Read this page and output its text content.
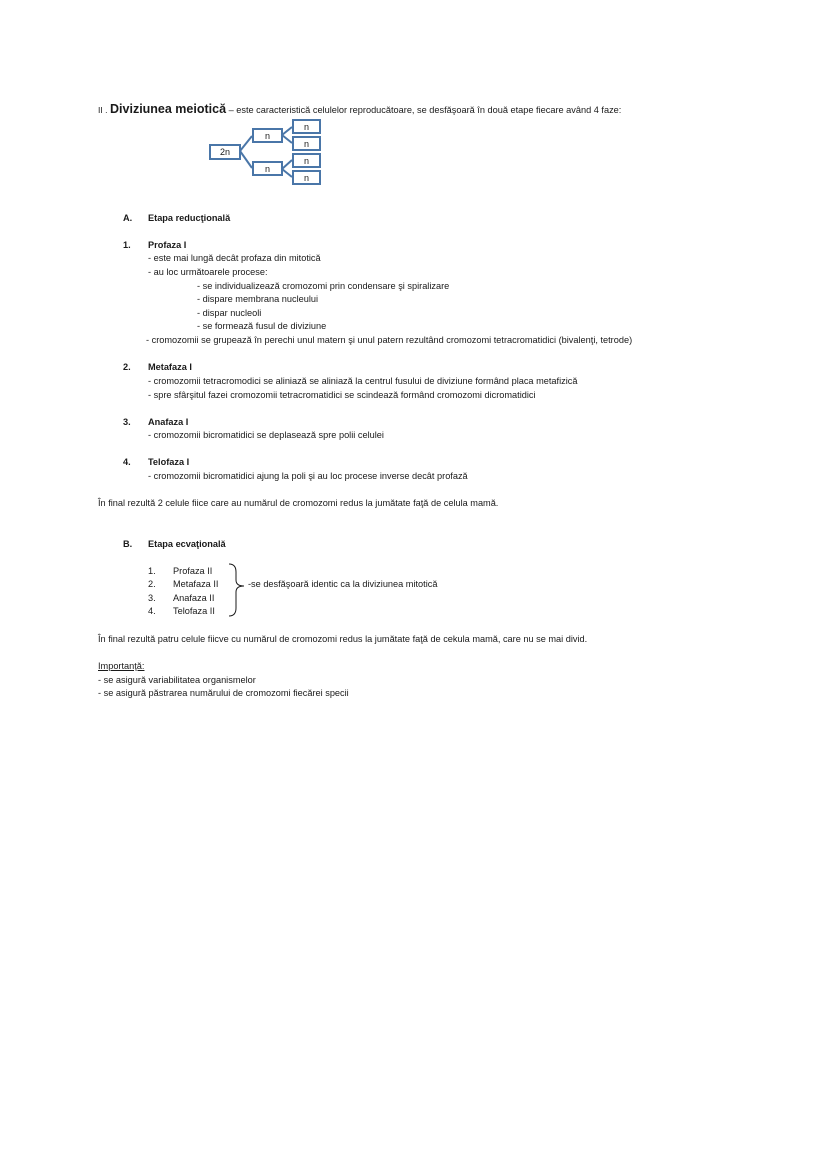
II . Diviziunea meiotică – este caracteristică celulelor reproducătoare, se desfăşoară în două etape fiecare având 4 faze:
2n
n
n
n
n
n
n
A. Etapa reducţională
1. Profaza I
- este mai lungă decât profaza din mitotică
- au loc următoarele procese:
- se individualizează cromozomi prin condensare şi spiralizare
- dispare membrana nucleului
- dispar nucleoli
- se formează fusul de diviziune
- cromozomii se grupează în perechi unul matern şi unul patern rezultând cromozomi tetracromatidici (bivalenţi, tetrode)
2. Metafaza I
- cromozomii tetracromodici se aliniază se aliniază la centrul fusului de diviziune formând placa metafizică
- spre sfârşitul fazei cromozomii tetracromatidici se scindează formând cromozomi dicromatidici
3. Anafaza I
- cromozomii bicromatidici se deplasează spre polii celulei
4. Telofaza I
- cromozomii bicromatidici ajung la poli şi au loc procese inverse decât profază
În final rezultă 2 celule fiice care au numărul de cromozomi redus la jumătate faţă de celula mamă.
B. Etapa ecvaţională
1. Profaza II
2. Metafaza II
3. Anafaza II
4. Telofaza II
-se desfăşoară identic ca la diviziunea mitotică
În final rezultă patru celule fiicve cu numărul de cromozomi redus la jumătate faţă de cekula mamă, care nu se mai divid.
Importanţă:
- se asigură variabilitatea organismelor
- se asigură păstrarea numărului de cromozomi fiecărei specii
